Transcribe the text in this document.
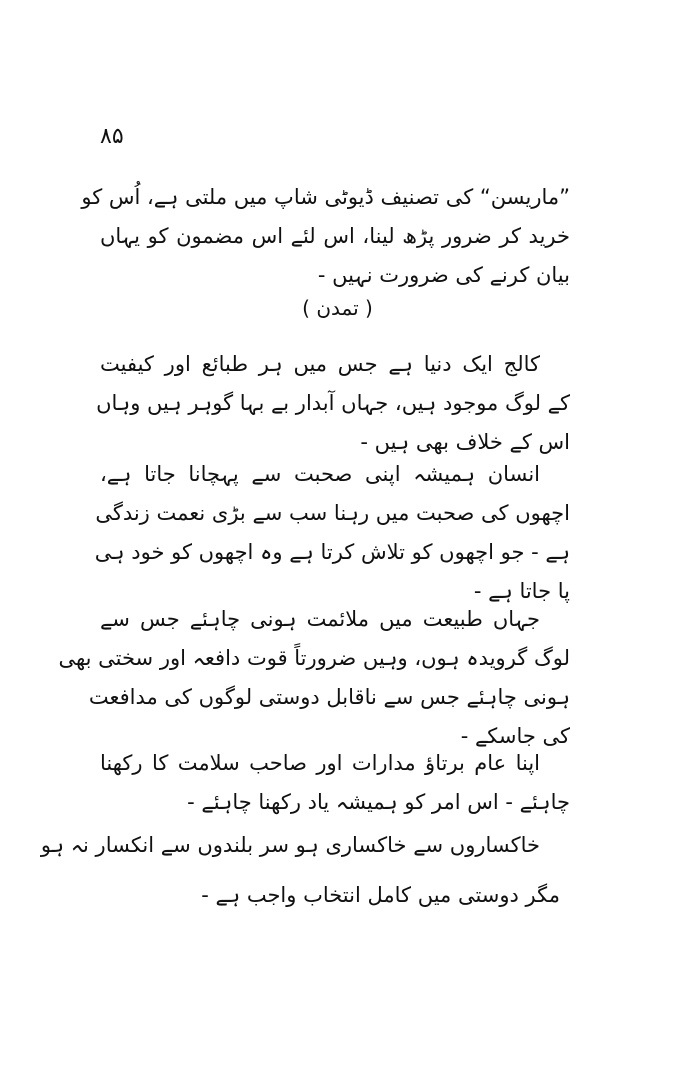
۸۵
”ماریسن“ کی تصنیف ڈیوٹی شاپ میں ملتی ہے، اُس کو
خرید کر ضرور پڑھ لینا، اس لئے اس مضمون کو یہاں
بیان کرنے کی ضرورت نہیں -
( تمدن )
کالج ایک دنیا ہے جس میں ہر طبائع اور کیفیت
کے لوگ موجود ہیں، جہاں آبدار بے بہا گوہر ہیں وہاں
اس کے خلاف بھی ہیں -
انسان ہمیشہ اپنی صحبت سے پہچانا جاتا ہے،
اچھوں کی صحبت میں رہنا سب سے بڑی نعمت زندگی
ہے - جو اچھوں کو تلاش کرتا ہے وہ اچھوں کو خود ہی
پا جاتا ہے -
جہاں طبیعت میں ملائمت ہونی چاہئے جس سے
لوگ گرویدہ ہوں، وہیں ضرورتاً قوت دافعہ اور سختی بھی
ہونی چاہئے جس سے ناقابل دوستی لوگوں کی مدافعت
کی جاسکے -
اپنا عام برتاؤ مدارات اور صاحب سلامت کا رکھنا
چاہئے - اس امر کو ہمیشہ یاد رکھنا چاہئے -
خاکساروں سے خاکساری ہو سر بلندوں سے انکسار نہ ہو
مگر دوستی میں کامل انتخاب واجب ہے -
